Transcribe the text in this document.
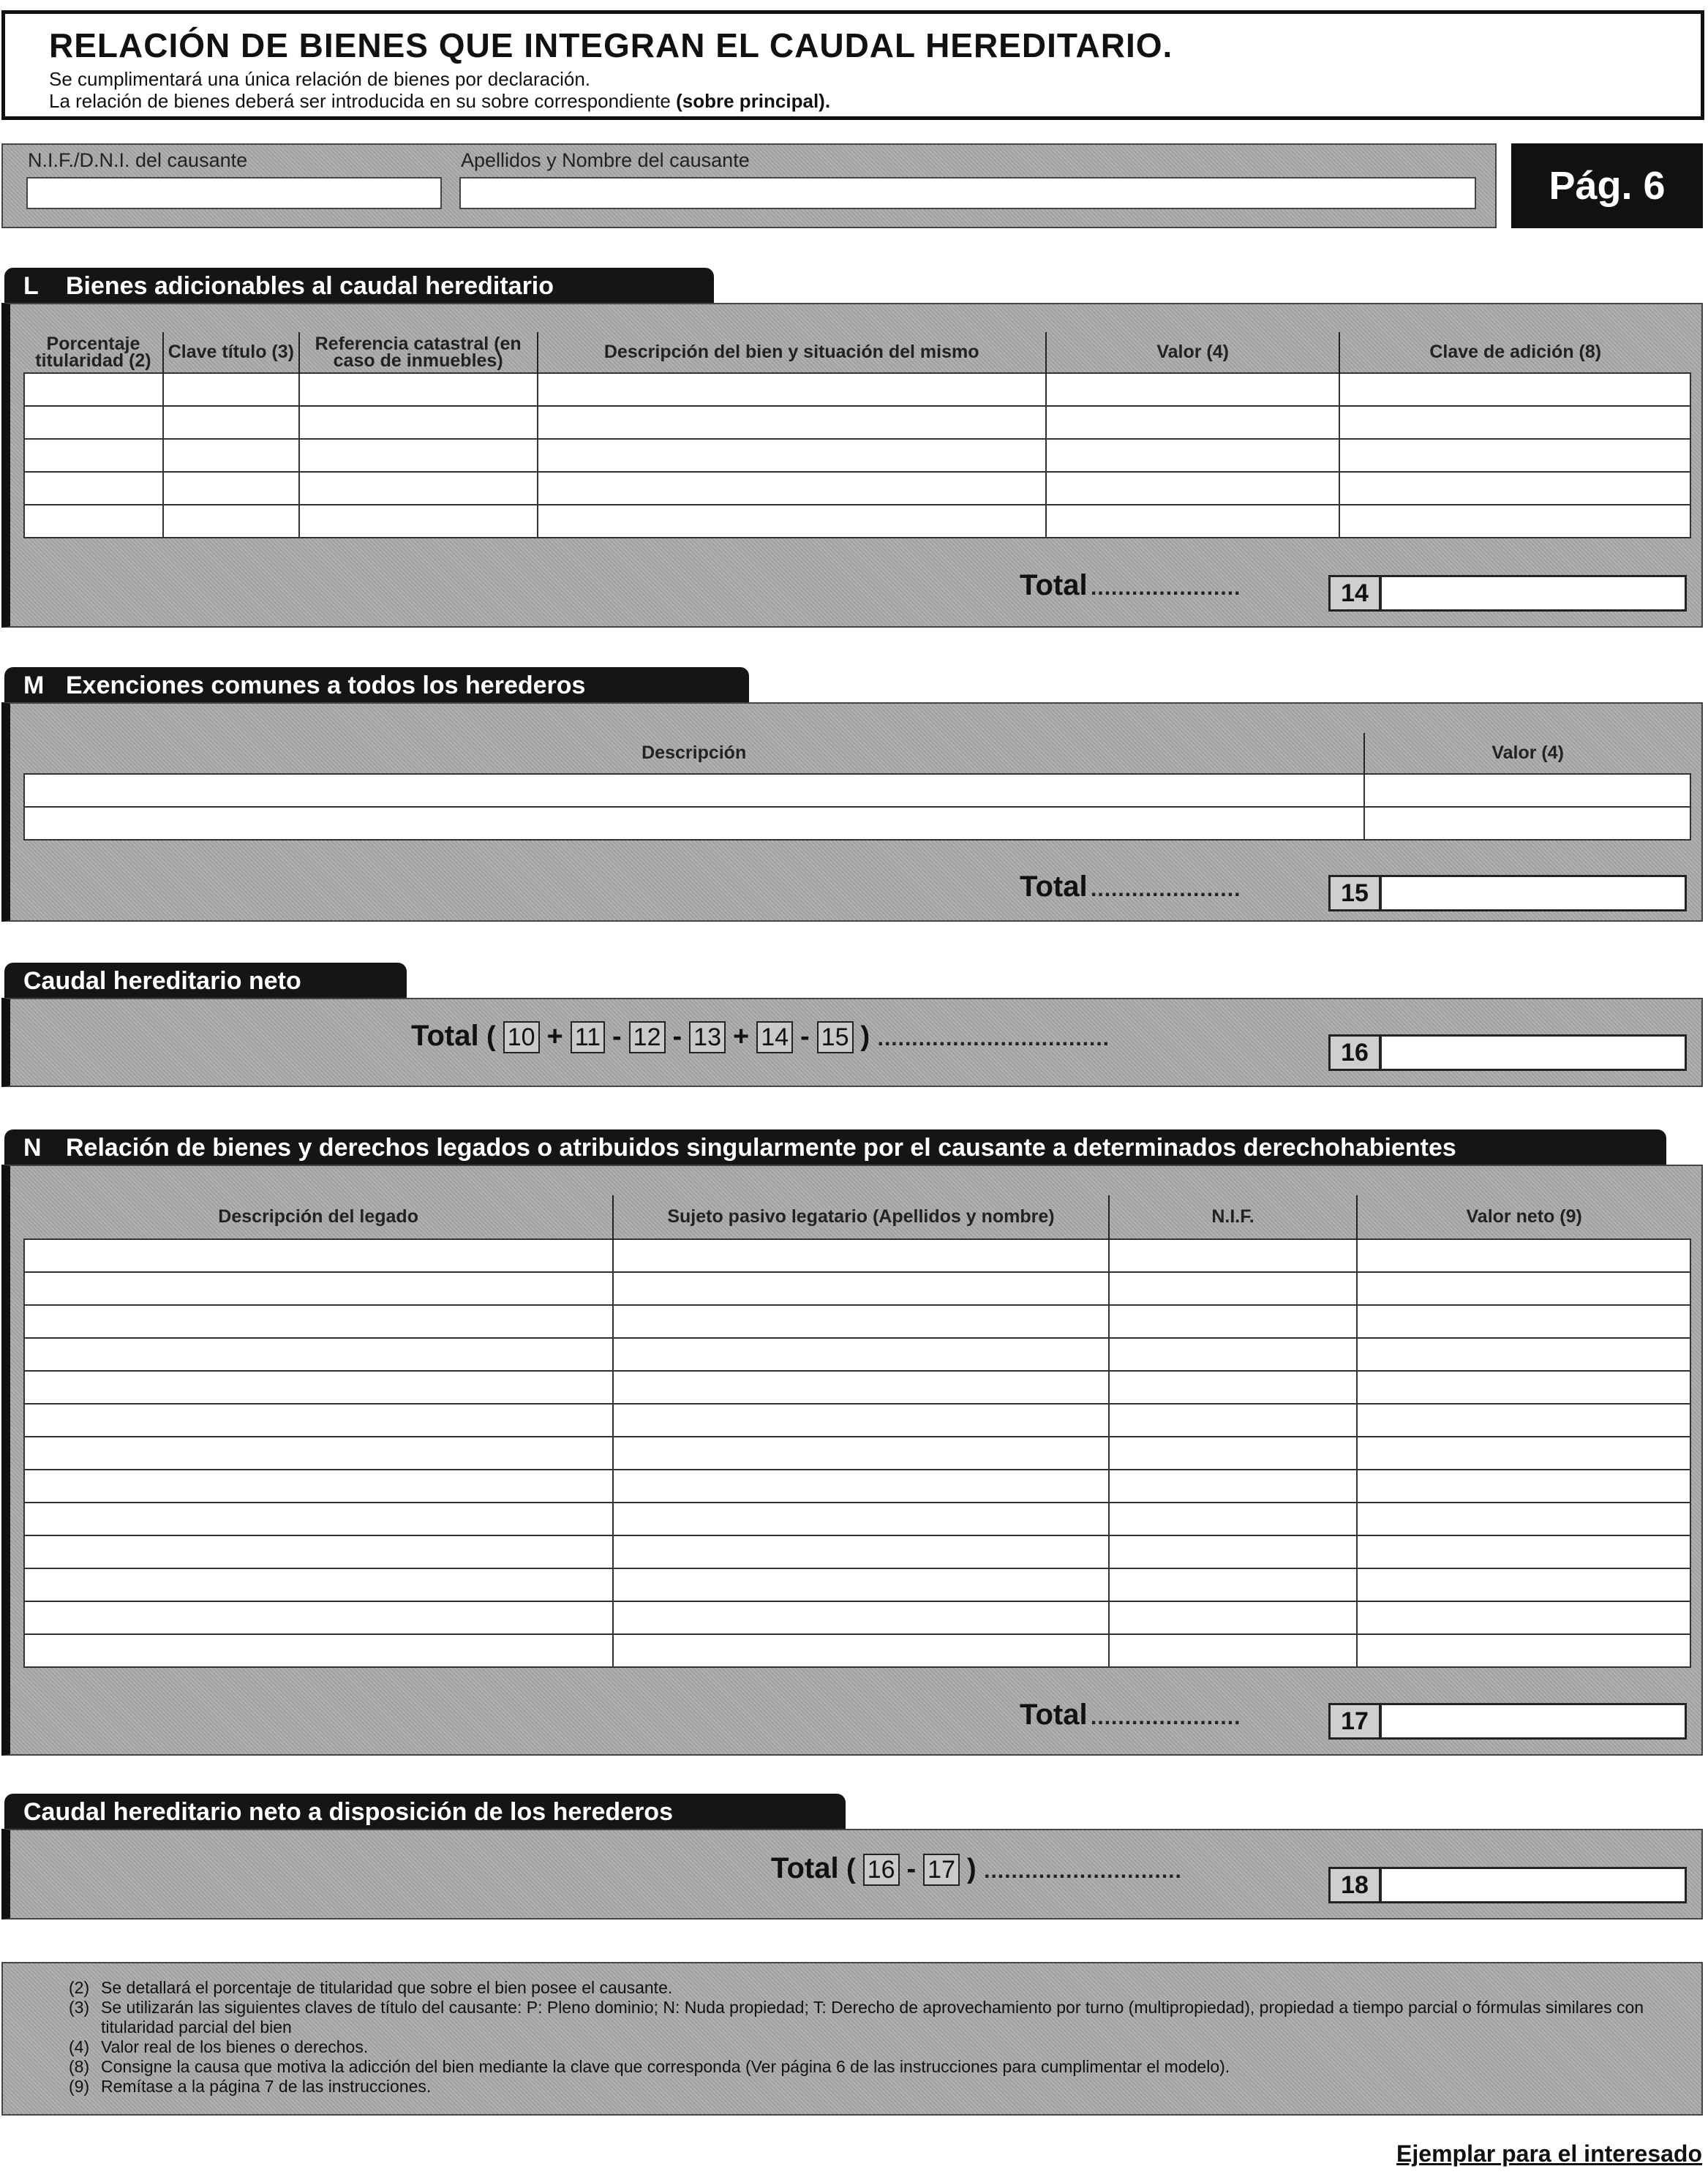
RELACIÓN DE BIENES QUE INTEGRAN EL CAUDAL HEREDITARIO.
Se cumplimentará una única relación de bienes por declaración.
La relación de bienes deberá ser introducida en su sobre correspondiente (sobre principal).
N.I.F./D.N.I. del causante	Apellidos y Nombre del causante
Pág. 6
L Bienes adicionables al caudal hereditario
Porcentaje titularidad (2)	Clave título (3)	Referencia catastral (en caso de inmuebles)	Descripción del bien y situación del mismo	Valor (4)	Clave de adición (8)

Total ......................	14
M Exenciones comunes a todos los herederos
Descripción	Valor (4)

Total ......................	15
Caudal hereditario neto
Total ( 10 + 11 - 12 - 13 + 14 - 15 ) ..................................
16
N Relación de bienes y derechos legados o atribuidos singularmente por el causante a determinados derechohabientes
Descripción del legado	Sujeto pasivo legatario (Apellidos y nombre)	N.I.F.	Valor neto (9)

Total ......................	17
Caudal hereditario neto a disposición de los herederos
Total ( 16 - 17 ) .............................
18

(2) Se detallará el porcentaje de titularidad que sobre el bien posee el causante.

(3) Se utilizarán las siguientes claves de título del causante: P: Pleno dominio; N: Nuda propiedad; T: Derecho de aprovechamiento por turno (multipropiedad), propiedad a tiempo parcial o fórmulas similares con titularidad parcial del bien

(4) Valor real de los bienes o derechos.

(8) Consigne la causa que motiva la adicción del bien mediante la clave que corresponda (Ver página 6 de las instrucciones para cumplimentar el modelo).

(9) Remítase a la página 7 de las instrucciones.

Ejemplar para el interesado
